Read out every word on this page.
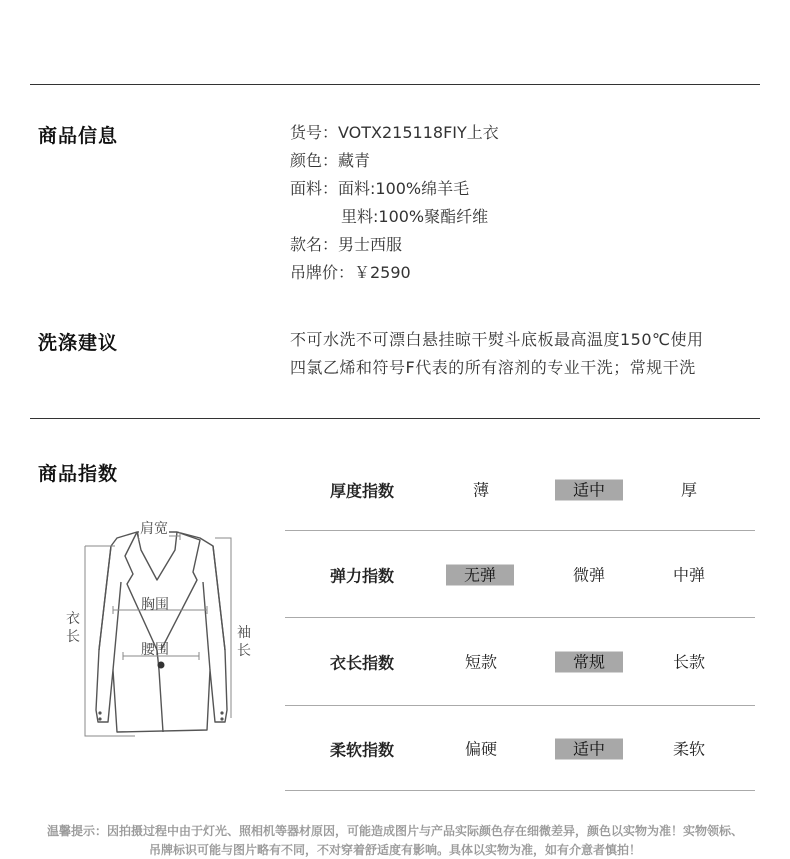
商品信息	货号：VOTX215118FIY上衣
颜色：藏青
面料：面料:100%绵羊毛
里料:100%聚酯纤维
款名：男士西服
吊牌价：￥2590
洗涤建议	不可水洗不可漂白悬挂晾干熨斗底板最高温度150℃使用
四氯乙烯和符号F代表的所有溶剂的专业干洗；常规干洗
商品指数
肩宽
胸围
腰围
衣
长	袖
长
厚度指数	薄	适中	厚
弹力指数	无弹	微弹	中弹
衣长指数	短款	常规	长款
柔软指数	偏硬	适中	柔软
温馨提示：因拍摄过程中由于灯光、照相机等器材原因，可能造成图片与产品实际颜色存在细微差异，颜色以实物为准！实物领标、
吊牌标识可能与图片略有不同，不对穿着舒适度有影响。具体以实物为准，如有介意者慎拍！
